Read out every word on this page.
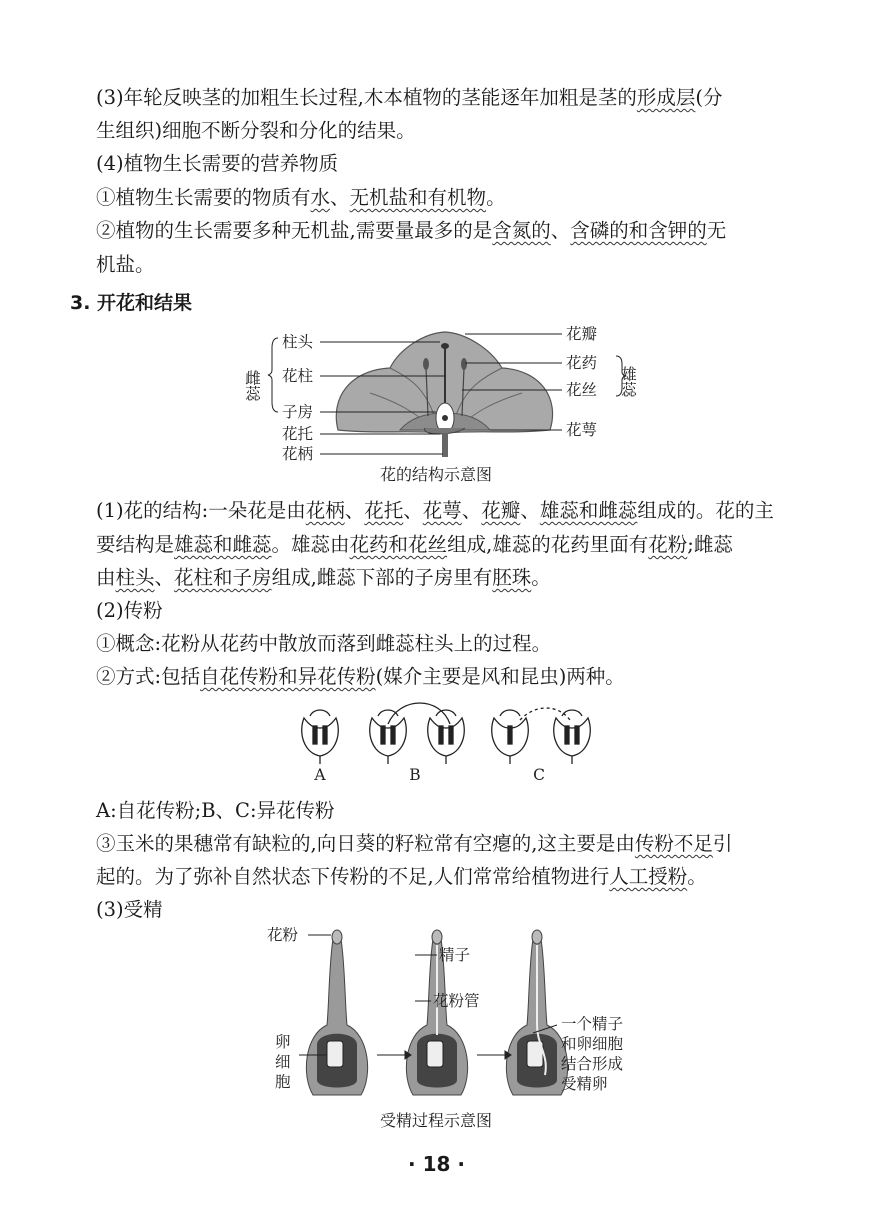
(3)年轮反映茎的加粗生长过程,木本植物的茎能逐年加粗是茎的形成层(分
生组织)细胞不断分裂和分化的结果。
(4)植物生长需要的营养物质
①植物生长需要的物质有水、无机盐和有机物。
②植物的生长需要多种无机盐,需要量最多的是含氮的、含磷的和含钾的无
机盐。
3. 开花和结果
柱头
花柱
子房
花托
花柄
花瓣
花药
花丝
花萼
雌蕊	雄蕊
花的结构示意图
(1)花的结构:一朵花是由花柄、花托、花萼、花瓣、雄蕊和雌蕊组成的。花的主
要结构是雄蕊和雌蕊。雄蕊由花药和花丝组成,雄蕊的花药里面有花粉;雌蕊
由柱头、花柱和子房组成,雌蕊下部的子房里有胚珠。
(2)传粉
①概念:花粉从花药中散放而落到雌蕊柱头上的过程。
②方式:包括自花传粉和异花传粉(媒介主要是风和昆虫)两种。
A	B	C
A:自花传粉;B、C:异花传粉
③玉米的果穗常有缺粒的,向日葵的籽粒常有空瘪的,这主要是由传粉不足引
起的。为了弥补自然状态下传粉的不足,人们常常给植物进行人工授粉。
(3)受精
花粉
精子
花粉管
卵
细
胞
一个精子
和卵细胞
结合形成
受精卵
受精过程示意图
· 18 ·
